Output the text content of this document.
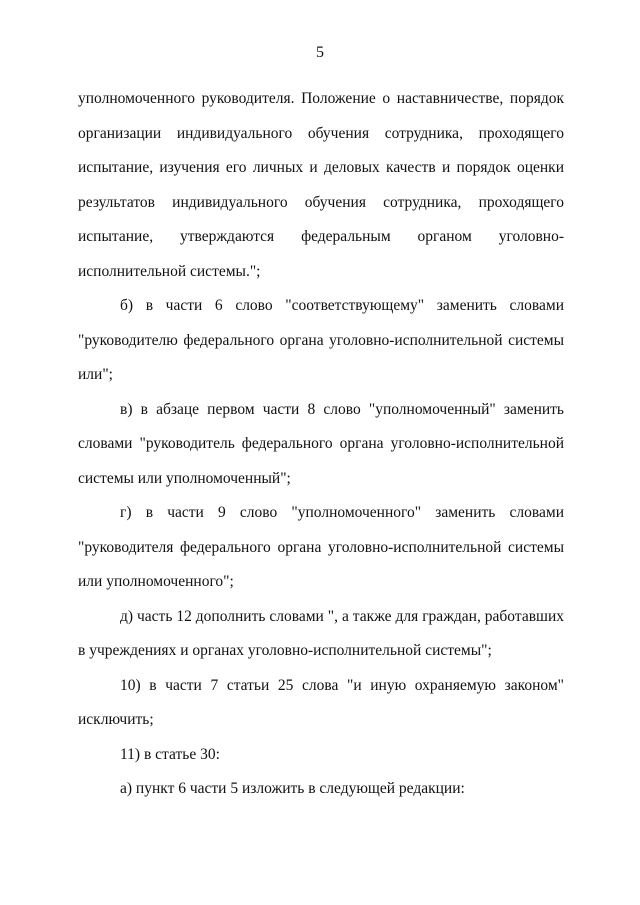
5

уполномоченного руководителя. Положение о наставничестве, порядок организации индивидуального обучения сотрудника, проходящего испытание, изучения его личных и деловых качеств и порядок оценки результатов индивидуального обучения сотрудника, проходящего испытание, утверждаются федеральным органом уголовно-исполнительной системы.";

б) в части 6 слово "соответствующему" заменить словами "руководителю федерального органа уголовно-исполнительной системы или";

в) в абзаце первом части 8 слово "уполномоченный" заменить словами "руководитель федерального органа уголовно-исполнительной системы или уполномоченный";

г) в части 9 слово "уполномоченного" заменить словами "руководителя федерального органа уголовно-исполнительной системы или уполномоченного";

д) часть 12 дополнить словами ", а также для граждан, работавших в учреждениях и органах уголовно-исполнительной системы";

10) в части 7 статьи 25 слова "и иную охраняемую законом" исключить;

11) в статье 30:

а) пункт 6 части 5 изложить в следующей редакции:
